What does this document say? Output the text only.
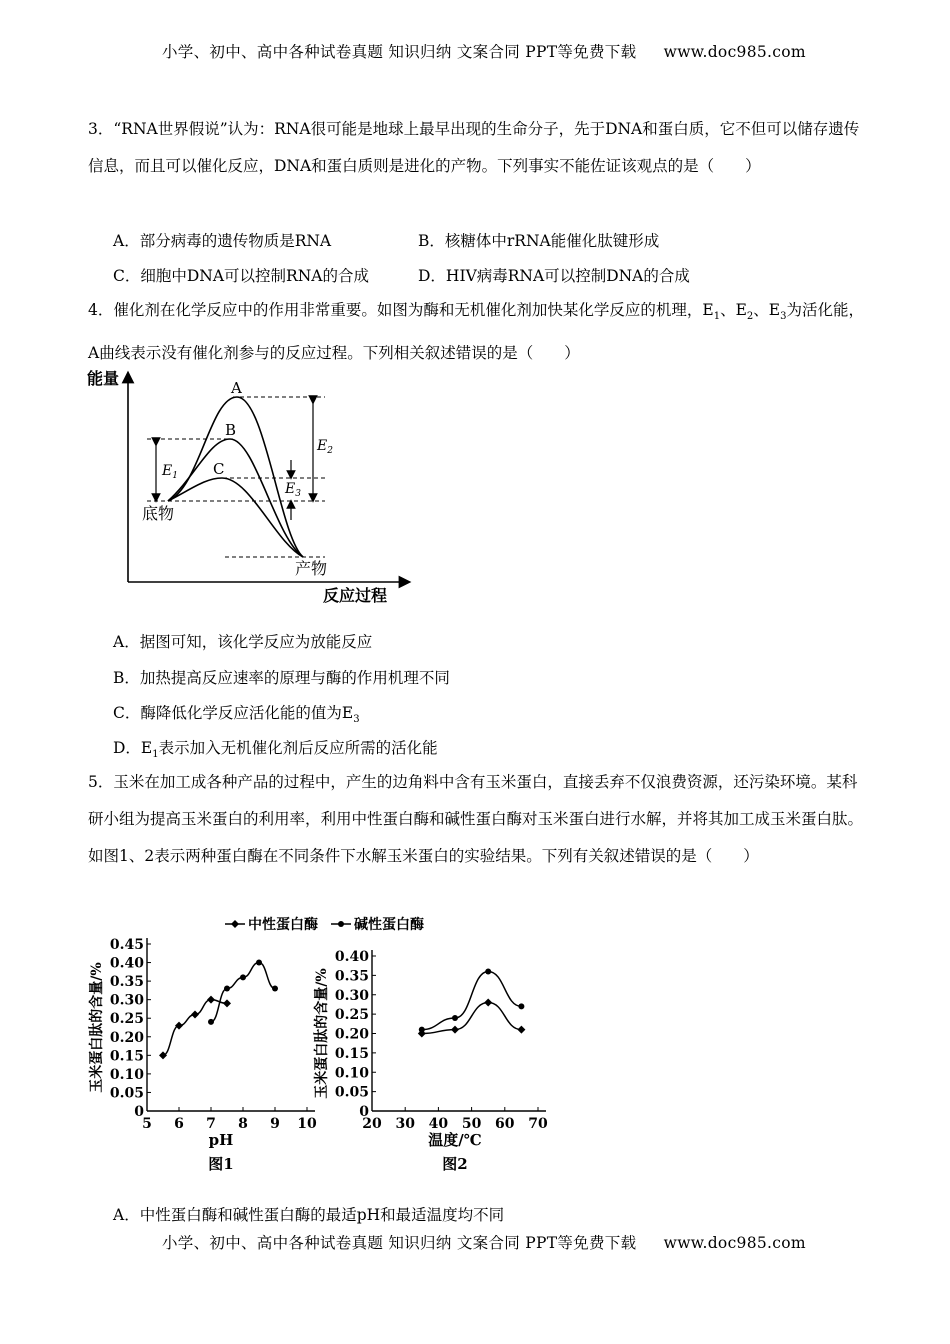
小学、初中、高中各种试卷真题 知识归纳 文案合同 PPT等免费下载 www.doc985.com
3．“RNA世界假说”认为：RNA很可能是地球上最早出现的生命分子，先于DNA和蛋白质，它不但可以储存遗传信息，而且可以催化反应，DNA和蛋白质则是进化的产物。下列事实不能佐证该观点的是（　　）
A．部分病毒的遗传物质是RNA	B．核糖体中rRNA能催化肽键形成
C．细胞中DNA可以控制RNA的合成	D．HIV病毒RNA可以控制DNA的合成
4．催化剂在化学反应中的作用非常重要。如图为酶和无机催化剂加快某化学反应的机理，$E_1$、$E_2$、$E_3$为活化能，A曲线表示没有催化剂参与的反应过程。下列相关叙述错误的是（　　）
能量
反应过程
A
B
C
$E_1$
$E_2$
$E_3$
底物
产物
A．据图可知，该化学反应为放能反应
B．加热提高反应速率的原理与酶的作用机理不同
C．酶降低化学反应活化能的值为$E_3$
D．$E_1$表示加入无机催化剂后反应所需的活化能
5．玉米在加工成各种产品的过程中，产生的边角料中含有玉米蛋白，直接丢弃不仅浪费资源，还污染环境。某科研小组为提高玉米蛋白的利用率，利用中性蛋白酶和碱性蛋白酶对玉米蛋白进行水解，并将其加工成玉米蛋白肽。如图1、2表示两种蛋白酶在不同条件下水解玉米蛋白的实验结果。下列有关叙述错误的是（　　）
中性蛋白酶	碱性蛋白酶
0
0.05
0.10
0.15
0.20
0.25
0.30
0.35
0.40
0.45
5 6 7 8 9 10
pH
玉米蛋白肽的含量/%
图1
0
0.05
0.10
0.15
0.20
0.25
0.30
0.35
0.40
20 30 40 50 60 70
温度/℃
玉米蛋白肽的含量/%
图2
A．中性蛋白酶和碱性蛋白酶的最适pH和最适温度均不同
小学、初中、高中各种试卷真题 知识归纳 文案合同 PPT等免费下载 www.doc985.com
